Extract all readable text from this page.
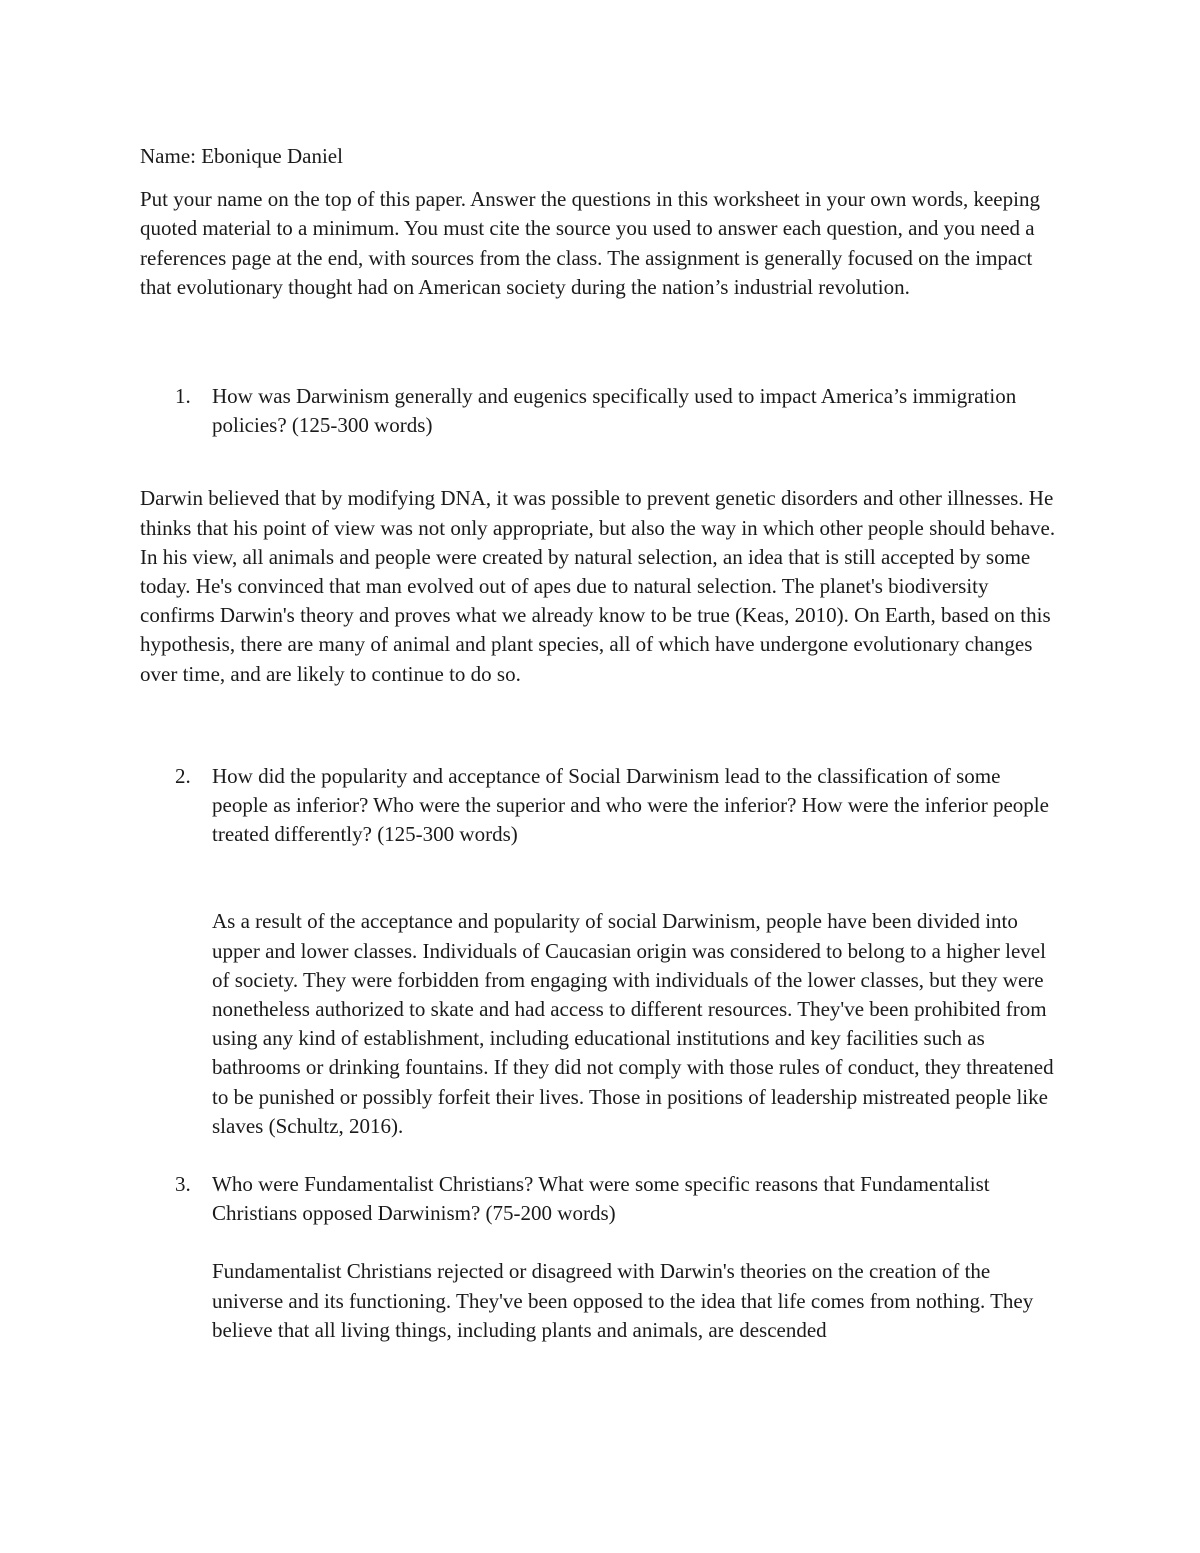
Name: Ebonique Daniel

Put your name on the top of this paper. Answer the questions in this worksheet in your own words, keeping quoted material to a minimum. You must cite the source you used to answer each question, and you need a references page at the end, with sources from the class. The assignment is generally focused on the impact that evolutionary thought had on American society during the nation’s industrial revolution.

1. How was Darwinism generally and eugenics specifically used to impact America’s immigration policies? (125-300 words)

Darwin believed that by modifying DNA, it was possible to prevent genetic disorders and other illnesses. He thinks that his point of view was not only appropriate, but also the way in which other people should behave. In his view, all animals and people were created by natural selection, an idea that is still accepted by some today. He's convinced that man evolved out of apes due to natural selection. The planet's biodiversity confirms Darwin's theory and proves what we already know to be true (Keas, 2010). On Earth, based on this hypothesis, there are many of animal and plant species, all of which have undergone evolutionary changes over time, and are likely to continue to do so.

2. How did the popularity and acceptance of Social Darwinism lead to the classification of some people as inferior? Who were the superior and who were the inferior? How were the inferior people treated differently? (125-300 words)

As a result of the acceptance and popularity of social Darwinism, people have been divided into upper and lower classes. Individuals of Caucasian origin was considered to belong to a higher level of society. They were forbidden from engaging with individuals of the lower classes, but they were nonetheless authorized to skate and had access to different resources. They've been prohibited from using any kind of establishment, including educational institutions and key facilities such as bathrooms or drinking fountains. If they did not comply with those rules of conduct, they threatened to be punished or possibly forfeit their lives. Those in positions of leadership mistreated people like slaves (Schultz, 2016).

3. Who were Fundamentalist Christians? What were some specific reasons that Fundamentalist Christians opposed Darwinism? (75-200 words)

Fundamentalist Christians rejected or disagreed with Darwin's theories on the creation of the universe and its functioning. They've been opposed to the idea that life comes from nothing. They believe that all living things, including plants and animals, are descended
